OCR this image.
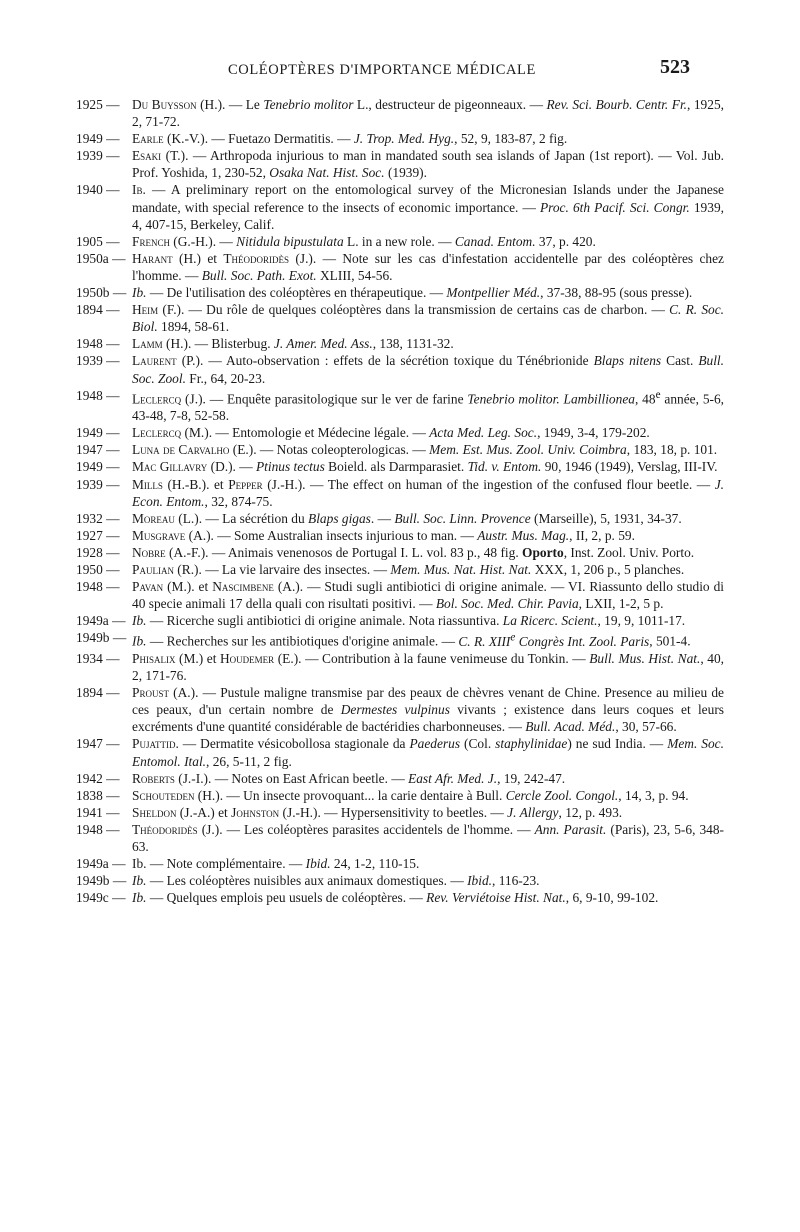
COLÉOPTÈRES D'IMPORTANCE MÉDICALE	523

1925 — Du Buysson (H.). — Le Tenebrio molitor L., destructeur de pigeonneaux. — Rev. Sci. Bourb. Centr. Fr., 1925, 2, 71-72.

1949 — Earle (K.-V.). — Fuetazo Dermatitis. — J. Trop. Med. Hyg., 52, 9, 183-87, 2 fig.

1939 — Esaki (T.). — Arthropoda injurious to man in mandated south sea islands of Japan (1st report). — Vol. Jub. Prof. Yoshida, 1, 230-52, Osaka Nat. Hist. Soc. (1939).

1940 — Ib. — A preliminary report on the entomological survey of the Micronesian Islands under the Japanese mandate, with special reference to the insects of economic importance. — Proc. 6th Pacif. Sci. Congr. 1939, 4, 407-15, Berkeley, Calif.

1905 — French (G.-H.). — Nitidula bipustulata L. in a new role. — Canad. Entom. 37, p. 420.

1950a — Harant (H.) et Théodoridès (J.). — Note sur les cas d'infestation accidentelle par des coléoptères chez l'homme. — Bull. Soc. Path. Exot. XLIII, 54-56.

1950b — Ib. — De l'utilisation des coléoptères en thérapeutique. — Montpellier Méd., 37-38, 88-95 (sous presse).

1894 — Heim (F.). — Du rôle de quelques coléoptères dans la transmission de certains cas de charbon. — C. R. Soc. Biol. 1894, 58-61.

1948 — Lamm (H.). — Blisterbug. J. Amer. Med. Ass., 138, 1131-32.

1939 — Laurent (P.). — Auto-observation : effets de la sécrétion toxique du Ténébrionide Blaps nitens Cast. Bull. Soc. Zool. Fr., 64, 20-23.

1948 — Leclercq (J.). — Enquête parasitologique sur le ver de farine Tenebrio molitor. Lambillionea, 48e année, 5-6, 43-48, 7-8, 52-58.

1949 — Leclercq (M.). — Entomologie et Médecine légale. — Acta Med. Leg. Soc., 1949, 3-4, 179-202.

1947 — Luna de Carvalho (E.). — Notas coleopterologicas. — Mem. Est. Mus. Zool. Univ. Coimbra, 183, 18, p. 101.

1949 — Mac Gillavry (D.). — Ptinus tectus Boield. als Darmparasiet. Tid. v. Entom. 90, 1946 (1949), Verslag, III-IV.

1939 — Mills (H.-B.). et Pepper (J.-H.). — The effect on human of the ingestion of the confused flour beetle. — J. Econ. Entom., 32, 874-75.

1932 — Moreau (L.). — La sécrétion du Blaps gigas. — Bull. Soc. Linn. Provence (Marseille), 5, 1931, 34-37.

1927 — Musgrave (A.). — Some Australian insects injurious to man. — Austr. Mus. Mag., II, 2, p. 59.

1928 — Nobre (A.-F.). — Animais venenosos de Portugal I. L. vol. 83 p., 48 fig. Oporto, Inst. Zool. Univ. Porto.

1950 — Paulian (R.). — La vie larvaire des insectes. — Mem. Mus. Nat. Hist. Nat. XXX, 1, 206 p., 5 planches.

1948 — Pavan (M.). et Nascimbene (A.). — Studi sugli antibiotici di origine animale. — VI. Riassunto dello studio di 40 specie animali 17 della quali con risultati positivi. — Bol. Soc. Med. Chir. Pavia, LXII, 1-2, 5 p.

1949a — Ib. — Ricerche sugli antibiotici di origine animale. Nota riassuntiva. La Ricerc. Scient., 19, 9, 1011-17.

1949b — Ib. — Recherches sur les antibiotiques d'origine animale. — C. R. XIIIe Congrès Int. Zool. Paris, 501-4.

1934 — Phisalix (M.) et Houdemer (E.). — Contribution à la faune venimeuse du Tonkin. — Bull. Mus. Hist. Nat., 40, 2, 171-76.

1894 — Proust (A.). — Pustule maligne transmise par des peaux de chèvres venant de Chine. Presence au milieu de ces peaux, d'un certain nombre de Dermestes vulpinus vivants ; existence dans leurs coques et leurs excréments d'une quantité considérable de bactéridies charbonneuses. — Bull. Acad. Méd., 30, 57-66.

1947 — Pujattid. — Dermatite vésicobollosa stagionale da Paederus (Col. staphylinidae) ne sud India. — Mem. Soc. Entomol. Ital., 26, 5-11, 2 fig.

1942 — Roberts (J.-I.). — Notes on East African beetle. — East Afr. Med. J., 19, 242-47.

1838 — Schouteden (H.). — Un insecte provoquant... la carie dentaire à Bull. Cercle Zool. Congol., 14, 3, p. 94.

1941 — Sheldon (J.-A.) et Johnston (J.-H.). — Hypersensitivity to beetles. — J. Allergy, 12, p. 493.

1948 — Théodoridès (J.). — Les coléoptères parasites accidentels de l'homme. — Ann. Parasit. (Paris), 23, 5-6, 348-63.

1949a — Ib. — Note complémentaire. — Ibid. 24, 1-2, 110-15.

1949b — Ib. — Les coléoptères nuisibles aux animaux domestiques. — Ibid., 116-23.

1949c — Ib. — Quelques emplois peu usuels de coléoptères. — Rev. Verviétoise Hist. Nat., 6, 9-10, 99-102.
